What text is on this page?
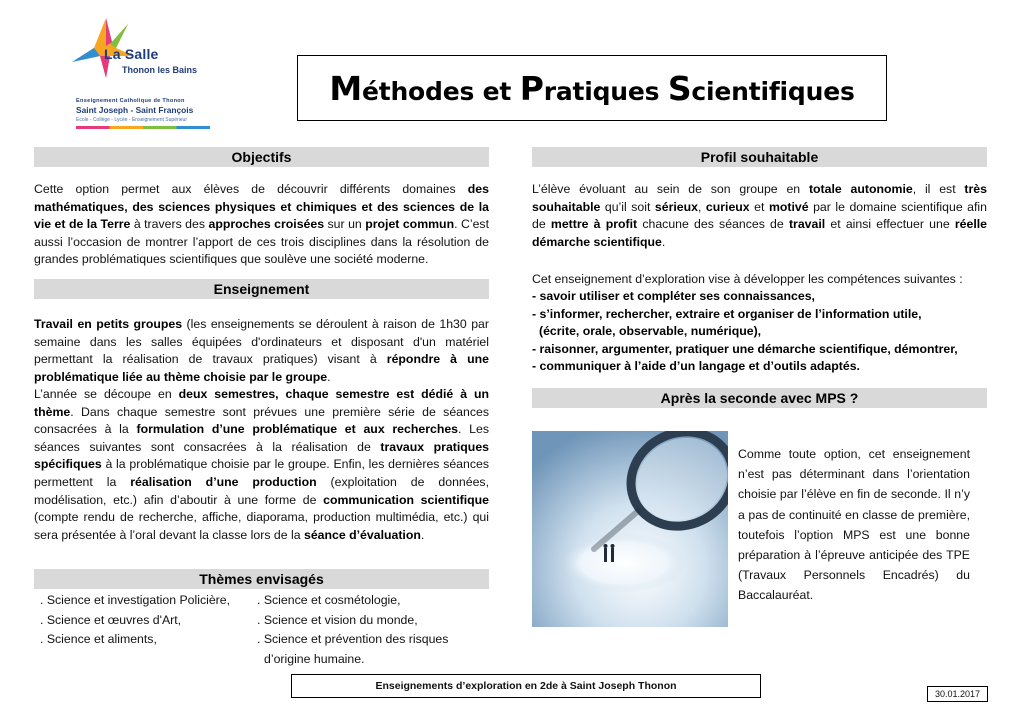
La Salle
Thonon les Bains
Enseignement Catholique de Thonon
Saint Joseph - Saint François
Ecole - Collège - Lycée - Enseignement Supérieur
Méthodes et Pratiques Scientifiques
Objectifs
Cette option permet aux élèves de découvrir différents domaines des mathématiques, des sciences physiques et chimiques et des sciences de la vie et de la Terre à travers des approches croisées sur un projet commun. C’est aussi l’occasion de montrer l’apport de ces trois disciplines dans la résolution de grandes problématiques scientifiques que soulève une société moderne.
Enseignement
Travail en petits groupes (les enseignements se déroulent à raison de 1h30 par semaine dans les salles équipées d'ordinateurs et disposant d'un matériel permettant la réalisation de travaux pratiques) visant à répondre à une problématique liée au thème choisie par le groupe.
L’année se découpe en deux semestres, chaque semestre est dédié à un thème. Dans chaque semestre sont prévues une première série de séances consacrées à la formulation d’une problématique et aux recherches. Les séances suivantes sont consacrées à la réalisation de travaux pratiques spécifiques à la problématique choisie par le groupe. Enfin, les dernières séances permettent la réalisation d’une production (exploitation de données, modélisation, etc.) afin d’aboutir à une forme de communication scientifique (compte rendu de recherche, affiche, diaporama, production multimédia, etc.) qui sera présentée à l’oral devant la classe lors de la séance d’évaluation.
Thèmes envisagés
. Science et investigation Policière,
. Science et œuvres d'Art,
. Science et aliments,
. Science et cosmétologie,
. Science et vision du monde,
. Science et prévention des risques
d’origine humaine.
Profil souhaitable
L’élève évoluant au sein de son groupe en totale autonomie, il est très souhaitable qu’il soit sérieux, curieux et motivé par le domaine scientifique afin de mettre à profit chacune des séances de travail et ainsi effectuer une réelle démarche scientifique.
Cet enseignement d’exploration vise à développer les compétences suivantes :
- savoir utiliser et compléter ses connaissances,
- s’informer, rechercher, extraire et organiser de l’information utile,
(écrite, orale, observable, numérique),
- raisonner, argumenter, pratiquer une démarche scientifique, démontrer,
- communiquer à l’aide d’un langage et d’outils adaptés.
Après la seconde avec MPS ?
Comme toute option, cet enseignement n’est pas déterminant dans l’orientation choisie par l’élève en fin de seconde. Il n’y a pas de continuité en classe de première, toutefois l’option MPS est une bonne préparation à l’épreuve anticipée des TPE (Travaux Personnels Encadrés) du Baccalauréat.
Enseignements d’exploration en 2de à Saint Joseph Thonon
30.01.2017
